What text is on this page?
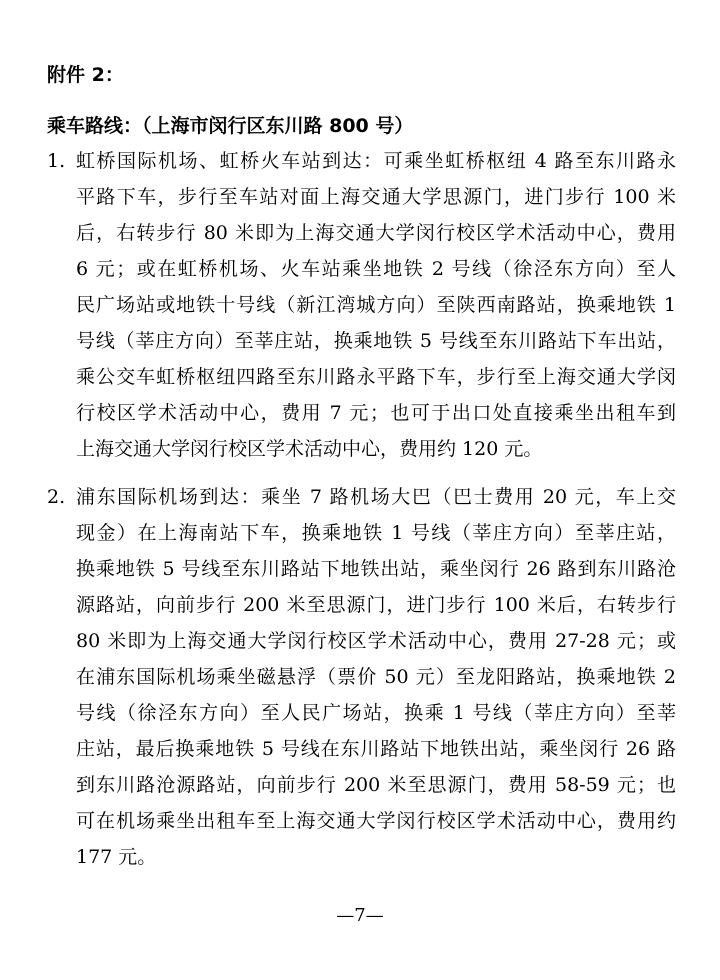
附件 2：
乘车路线：（上海市闵行区东川路 800 号）
1. 虹桥国际机场、虹桥火车站到达：可乘坐虹桥枢纽 4 路至东川路永
平路下车，步行至车站对面上海交通大学思源门，进门步行 100 米
后，右转步行 80 米即为上海交通大学闵行校区学术活动中心，费用
6 元；或在虹桥机场、火车站乘坐地铁 2 号线（徐泾东方向）至人
民广场站或地铁十号线（新江湾城方向）至陕西南路站，换乘地铁 1
号线（莘庄方向）至莘庄站，换乘地铁 5 号线至东川路站下车出站，
乘公交车虹桥枢纽四路至东川路永平路下车，步行至上海交通大学闵
行校区学术活动中心，费用 7 元；也可于出口处直接乘坐出租车到
上海交通大学闵行校区学术活动中心，费用约 120 元。
2. 浦东国际机场到达：乘坐 7 路机场大巴（巴士费用 20 元，车上交
现金）在上海南站下车，换乘地铁 1 号线（莘庄方向）至莘庄站，
换乘地铁 5 号线至东川路站下地铁出站，乘坐闵行 26 路到东川路沧
源路站，向前步行 200 米至思源门，进门步行 100 米后，右转步行
80 米即为上海交通大学闵行校区学术活动中心，费用 27-28 元；或
在浦东国际机场乘坐磁悬浮（票价 50 元）至龙阳路站，换乘地铁 2
号线（徐泾东方向）至人民广场站，换乘 1 号线（莘庄方向）至莘
庄站，最后换乘地铁 5 号线在东川路站下地铁出站，乘坐闵行 26 路
到东川路沧源路站，向前步行 200 米至思源门，费用 58-59 元；也
可在机场乘坐出租车至上海交通大学闵行校区学术活动中心，费用约
177 元。
—7—
